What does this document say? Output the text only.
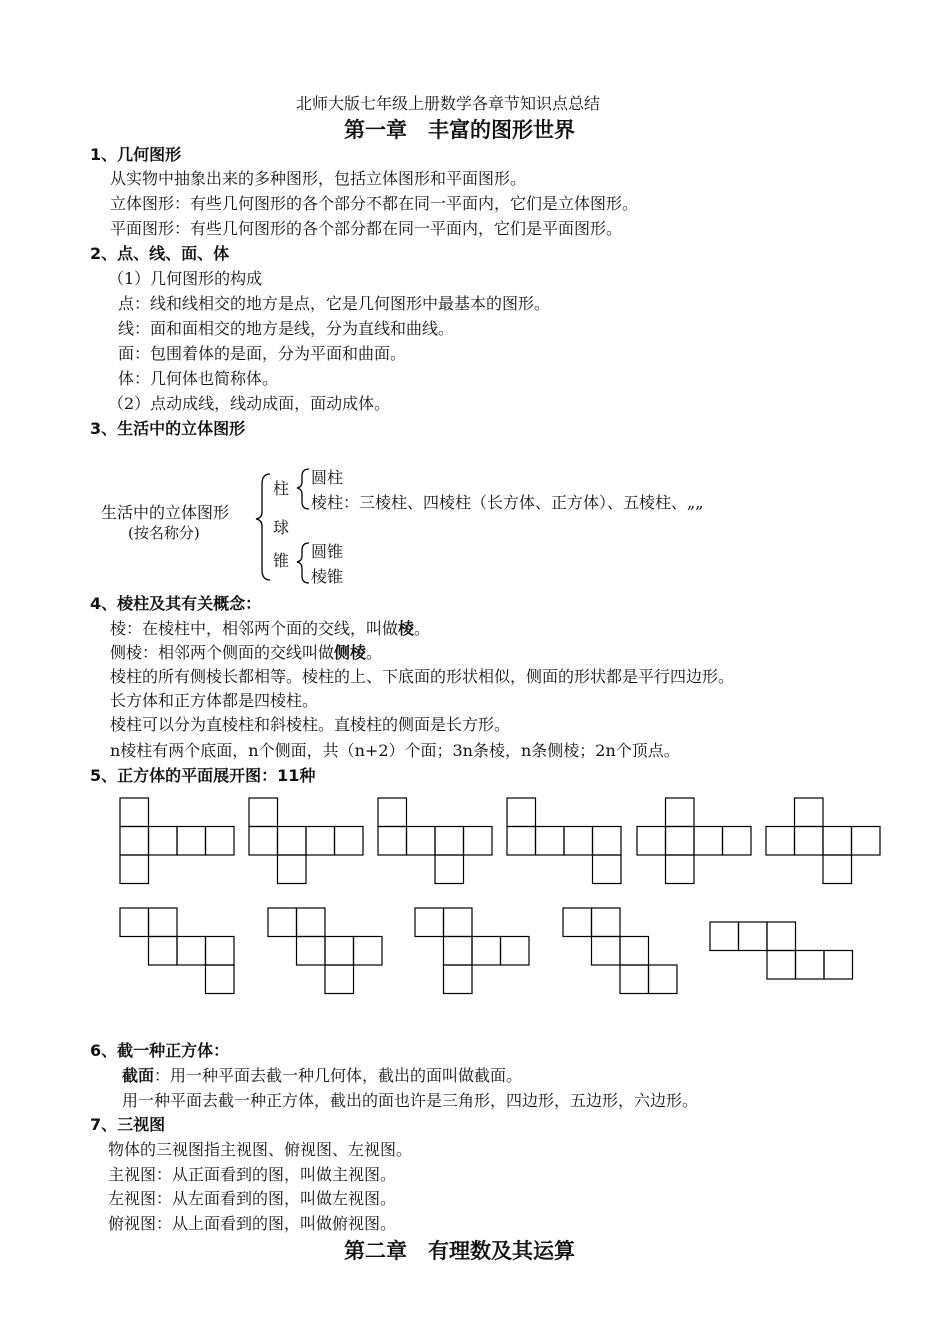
北师大版七年级上册数学各章节知识点总结
第一章　丰富的图形世界
1、几何图形
从实物中抽象出来的多种图形，包括立体图形和平面图形。
立体图形：有些几何图形的各个部分不都在同一平面内，它们是立体图形。
平面图形：有些几何图形的各个部分都在同一平面内，它们是平面图形。
2、点、线、面、体
（1）几何图形的构成
点：线和线相交的地方是点，它是几何图形中最基本的图形。
线：面和面相交的地方是线，分为直线和曲线。
面：包围着体的是面，分为平面和曲面。
体：几何体也简称体。
（2）点动成线，线动成面，面动成体。
3、生活中的立体图形
生活中的立体图形
(按名称分)
柱
圆柱
棱柱：三棱柱、四棱柱（长方体、正方体）、五棱柱、„„
球
锥 圆锥
棱锥
4、棱柱及其有关概念：
棱：在棱柱中，相邻两个面的交线，叫做棱。
侧棱：相邻两个侧面的交线叫做侧棱。
棱柱的所有侧棱长都相等。棱柱的上、下底面的形状相似，侧面的形状都是平行四边形。
长方体和正方体都是四棱柱。
棱柱可以分为直棱柱和斜棱柱。直棱柱的侧面是长方形。
n棱柱有两个底面，n个侧面，共（n+2）个面；3n条棱，n条侧棱；2n个顶点。
5、正方体的平面展开图：11种
6、截一种正方体：
截面：用一种平面去截一种几何体，截出的面叫做截面。
用一种平面去截一种正方体，截出的面也许是三角形，四边形，五边形，六边形。
7、三视图
物体的三视图指主视图、俯视图、左视图。
主视图：从正面看到的图，叫做主视图。
左视图：从左面看到的图，叫做左视图。
俯视图：从上面看到的图，叫做俯视图。
第二章　有理数及其运算
